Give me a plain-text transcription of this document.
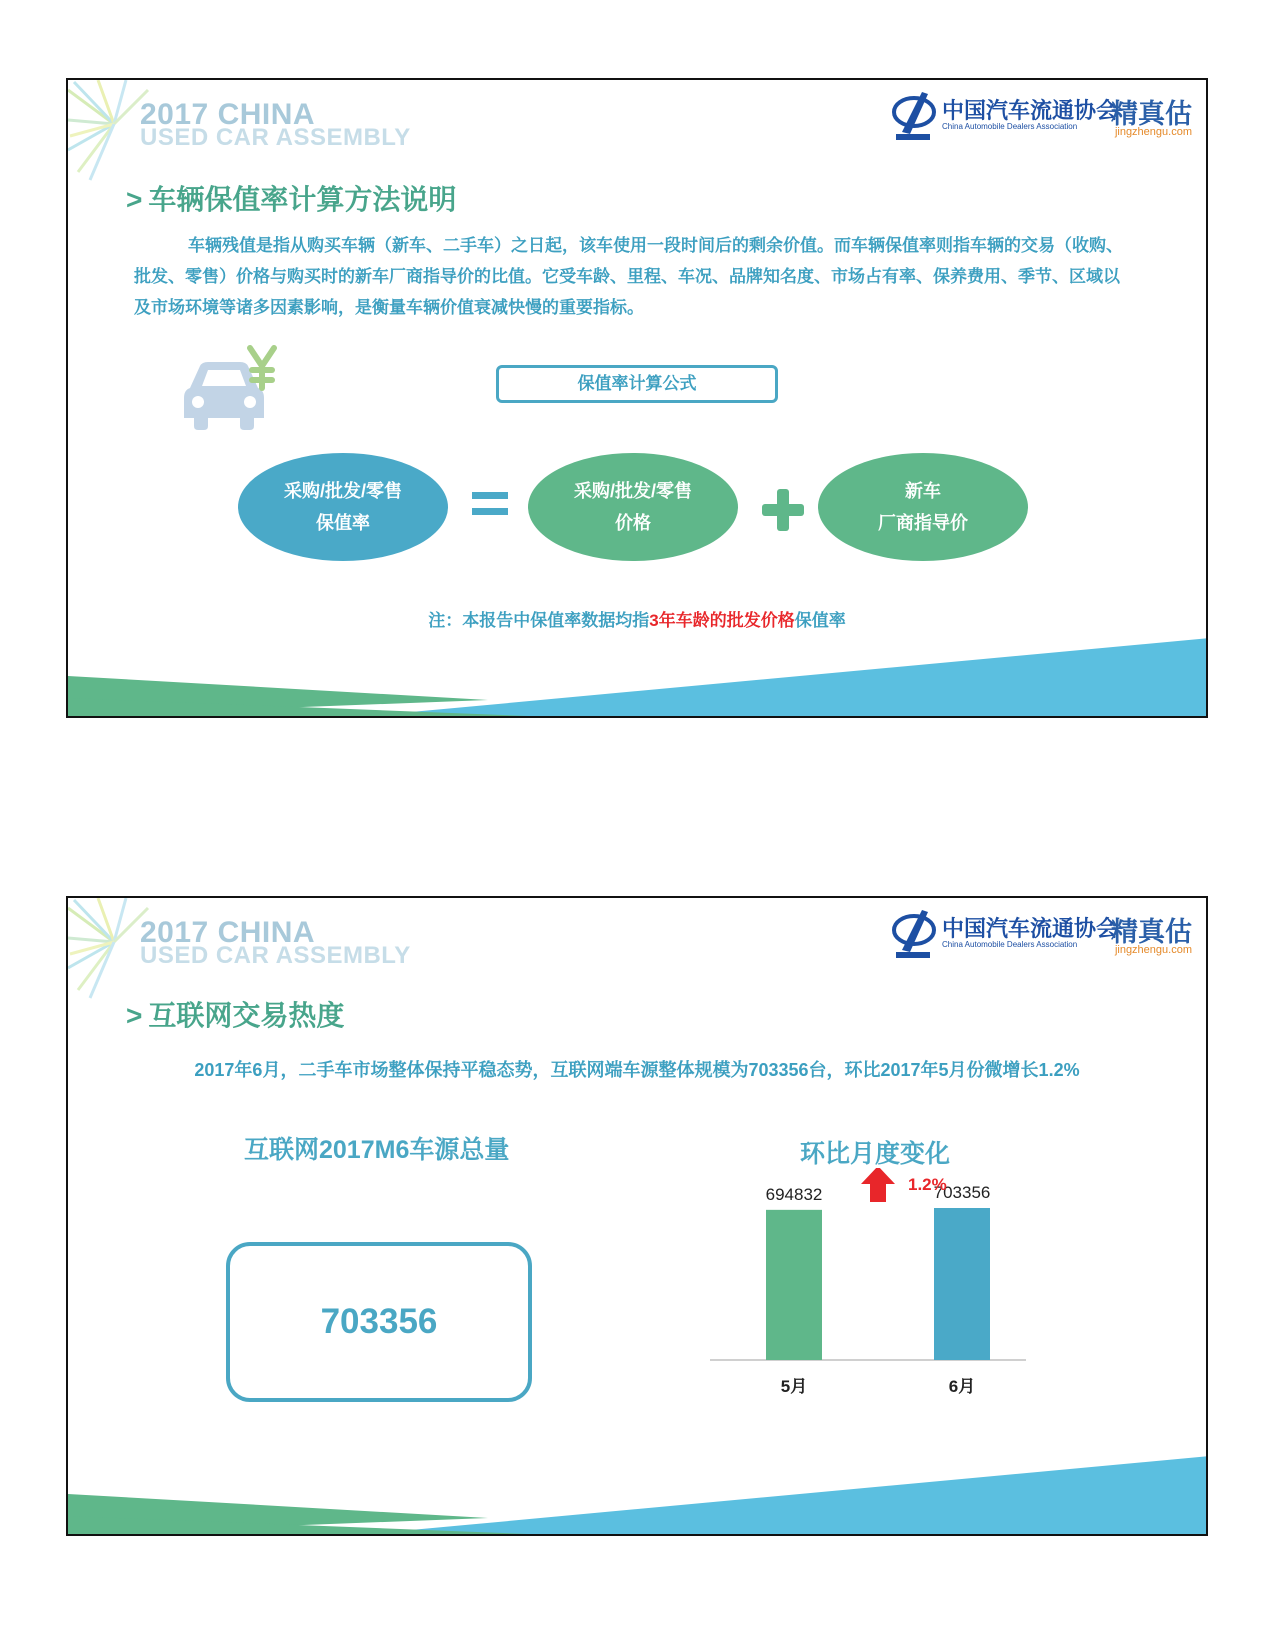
2017 CHINA
USED CAR ASSEMBLY
中国汽车流通协会
China Automobile Dealers Association 精真估
jingzhengu.com
> 车辆保值率计算方法说明
车辆残值是指从购买车辆（新车、二手车）之日起，该车使用一段时间后的剩余价值。而车辆保值率则指车辆的交易（收购、批发、零售）价格与购买时的新车厂商指导价的比值。它受车龄、里程、车况、品牌知名度、市场占有率、保养费用、季节、区域以及市场环境等诸多因素影响，是衡量车辆价值衰减快慢的重要指标。
保值率计算公式
采购/批发/零售
保值率
采购/批发/零售
价格
新车
厂商指导价
注：本报告中保值率数据均指3年车龄的批发价格保值率
2017 CHINA
USED CAR ASSEMBLY
中国汽车流通协会
China Automobile Dealers Association 精真估
jingzhengu.com
> 互联网交易热度
2017年6月，二手车市场整体保持平稳态势，互联网端车源整体规模为703356台，环比2017年5月份微增长1.2%
互联网2017M6车源总量
703356
环比月度变化
694832
5月
703356
6月
1.2%
